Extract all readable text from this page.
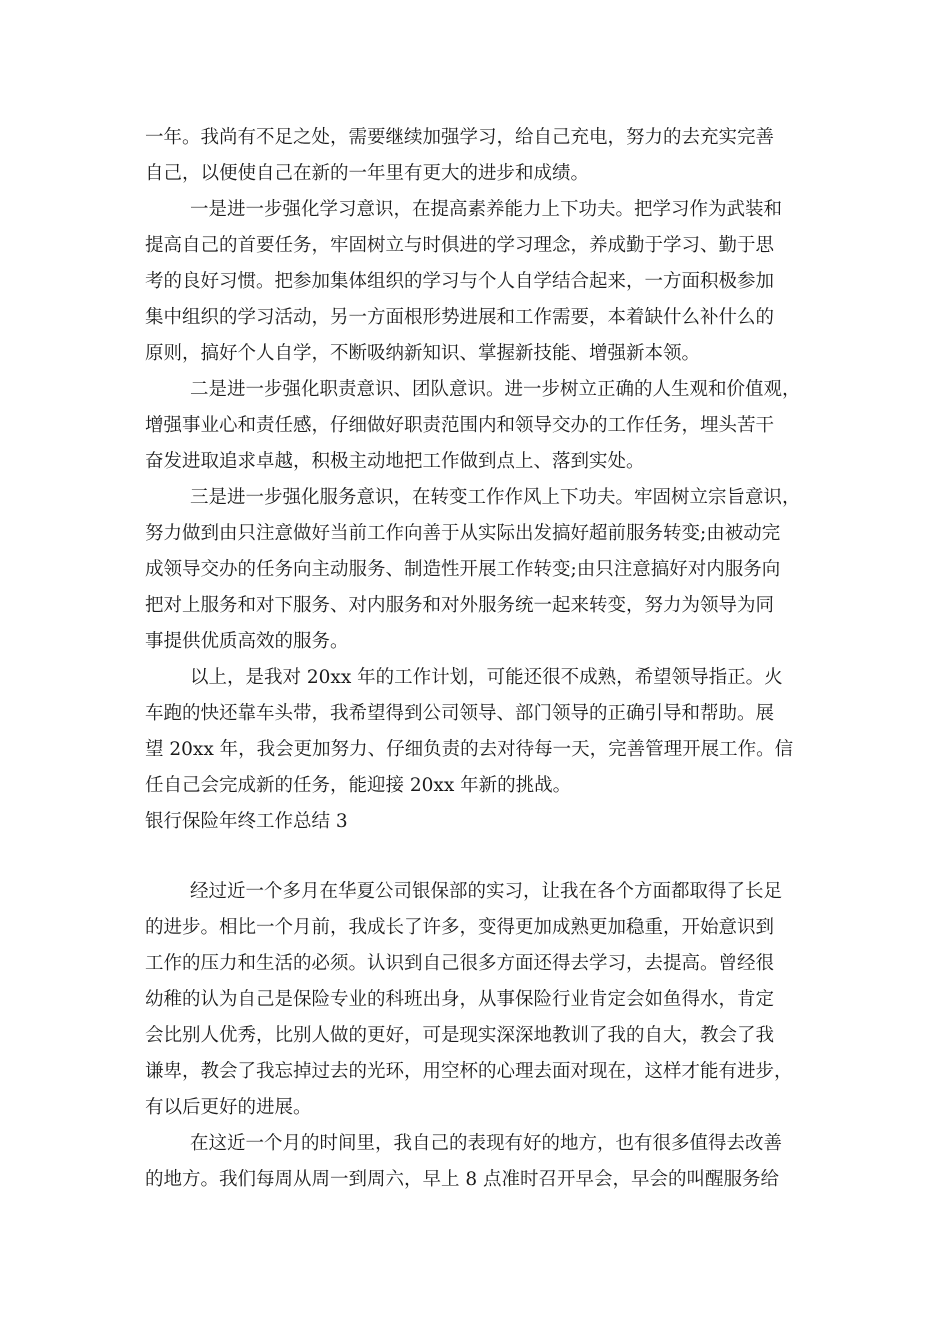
一年。我尚有不足之处，需要继续加强学习，给自己充电，努力的去充实完善
自己，以便使自己在新的一年里有更大的进步和成绩。
一是进一步强化学习意识，在提高素养能力上下功夫。把学习作为武装和
提高自己的首要任务，牢固树立与时俱进的学习理念，养成勤于学习、勤于思
考的良好习惯。把参加集体组织的学习与个人自学结合起来，一方面积极参加
集中组织的学习活动，另一方面根形势进展和工作需要，本着缺什么补什么的
原则，搞好个人自学，不断吸纳新知识、掌握新技能、增强新本领。
二是进一步强化职责意识、团队意识。进一步树立正确的人生观和价值观，
增强事业心和责任感，仔细做好职责范围内和领导交办的工作任务，埋头苦干
奋发进取追求卓越，积极主动地把工作做到点上、落到实处。
三是进一步强化服务意识，在转变工作作风上下功夫。牢固树立宗旨意识，
努力做到由只注意做好当前工作向善于从实际出发搞好超前服务转变;由被动完
成领导交办的任务向主动服务、制造性开展工作转变;由只注意搞好对内服务向
把对上服务和对下服务、对内服务和对外服务统一起来转变，努力为领导为同
事提供优质高效的服务。
以上，是我对 20xx 年的工作计划，可能还很不成熟，希望领导指正。火
车跑的快还靠车头带，我希望得到公司领导、部门领导的正确引导和帮助。展
望 20xx 年，我会更加努力、仔细负责的去对待每一天，完善管理开展工作。信
任自己会完成新的任务，能迎接 20xx 年新的挑战。
银行保险年终工作总结 3
经过近一个多月在华夏公司银保部的实习，让我在各个方面都取得了长足
的进步。相比一个月前，我成长了许多，变得更加成熟更加稳重，开始意识到
工作的压力和生活的必须。认识到自己很多方面还得去学习，去提高。曾经很
幼稚的认为自己是保险专业的科班出身，从事保险行业肯定会如鱼得水，肯定
会比别人优秀，比别人做的更好，可是现实深深地教训了我的自大，教会了我
谦卑，教会了我忘掉过去的光环，用空杯的心理去面对现在，这样才能有进步，
有以后更好的进展。
在这近一个月的时间里，我自己的表现有好的地方，也有很多值得去改善
的地方。我们每周从周一到周六，早上 8 点准时召开早会，早会的叫醒服务给
